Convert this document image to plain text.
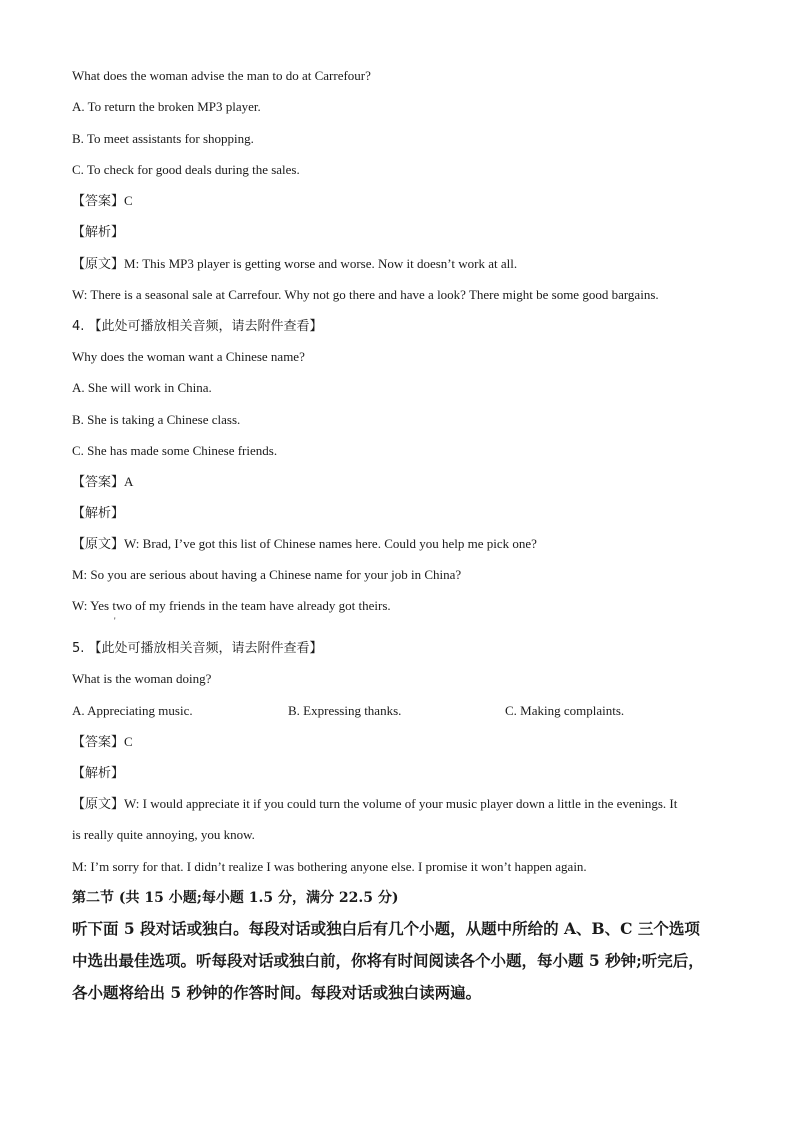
What does the woman advise the man to do at Carrefour?
A. To return the broken MP3 player.
B. To meet assistants for shopping.
C. To check for good deals during the sales.
【答案】C
【解析】
【原文】M: This MP3 player is getting worse and worse. Now it doesn’t work at all.
W: There is a seasonal sale at Carrefour. Why not go there and have a look? There might be some good bargains.
4. 【此处可播放相关音频，请去附件查看】
Why does the woman want a Chinese name?
A. She will work in China.
B. She is taking a Chinese class.
C. She has made some Chinese friends.
【答案】A
【解析】
【原文】W: Brad, I’ve got this list of Chinese names here. Could you help me pick one?
M: So you are serious about having a Chinese name for your job in China?
W: Yes two of my friends in the team have already got theirs.
'
5. 【此处可播放相关音频，请去附件查看】
What is the woman doing?
A. Appreciating music.	B. Expressing thanks.	C. Making complaints.
【答案】C
【解析】
【原文】W: I would appreciate it if you could turn the volume of your music player down a little in the evenings. It
is really quite annoying, you know.
M: I’m sorry for that. I didn’t realize I was bothering anyone else. I promise it won’t happen again.
第二节 (共 15 小题;每小题 1.5 分，满分 22.5 分)
听下面 5 段对话或独白。每段对话或独白后有几个小题，从题中所给的 A、B、C 三个选项
中选出最佳选项。听每段对话或独白前，你将有时间阅读各个小题，每小题 5 秒钟;听完后，
各小题将给出 5 秒钟的作答时间。每段对话或独白读两遍。
